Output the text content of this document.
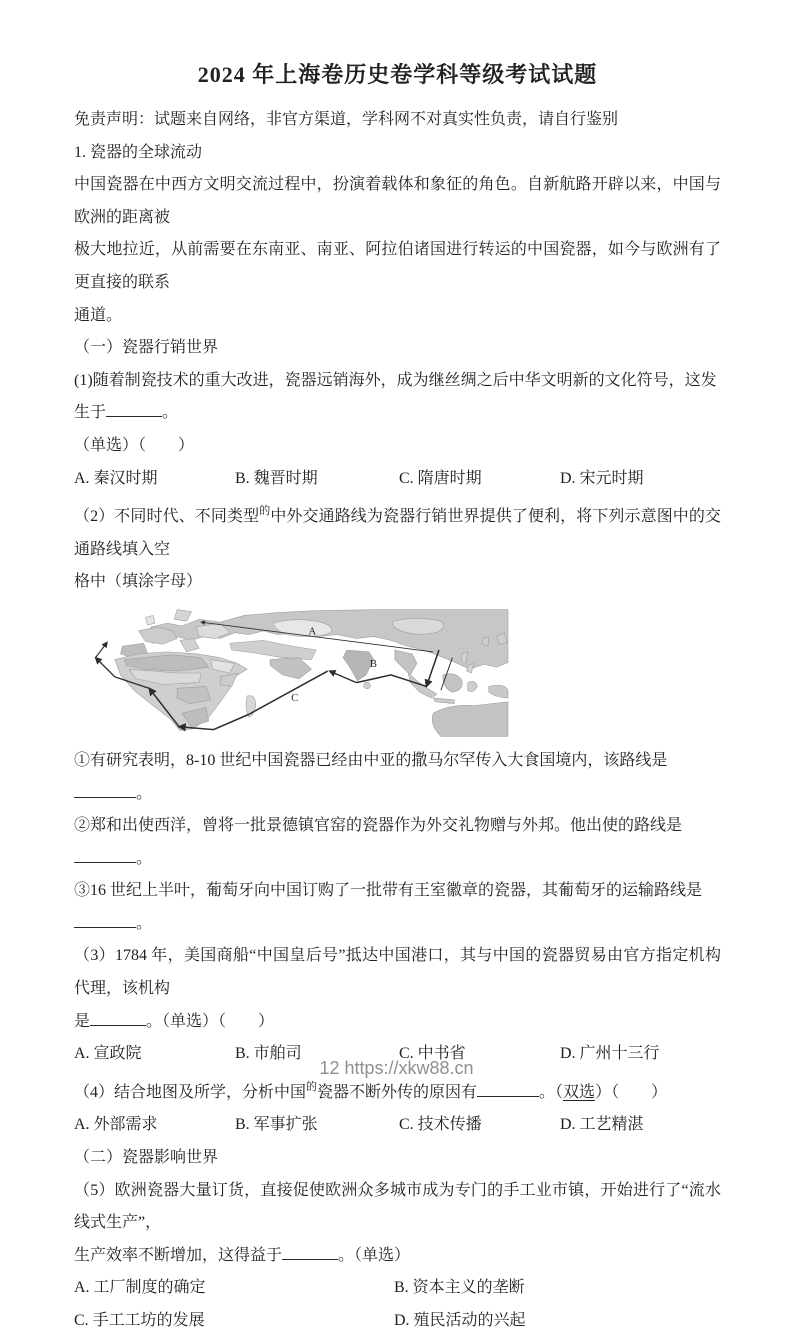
2024 年上海卷历史卷学科等级考试试题

免责声明：试题来自网络，非官方渠道，学科网不对真实性负责，请自行鉴别

1. 瓷器的全球流动

中国瓷器在中西方文明交流过程中，扮演着载体和象征的角色。自新航路开辟以来，中国与欧洲的距离被

极大地拉近，从前需要在东南亚、南亚、阿拉伯诸国进行转运的中国瓷器，如今与欧洲有了更直接的联系

通道。

（一）瓷器行销世界

(1)随着制瓷技术的重大改进，瓷器远销海外，成为继丝绸之后中华文明新的文化符号，这发生于	。

（单选）（　　）

A. 秦汉时期	B. 魏晋时期	C. 隋唐时期	D. 宋元时期

（2）不同时代、不同类型$^的$中外交通路线为瓷器行销世界提供了便利，将下列示意图中的交通路线填入空

格中（填涂字母）

A
B
C

①有研究表明，8-10 世纪中国瓷器已经由中亚的撒马尔罕传入大食国境内，该路线是。

②郑和出使西洋，曾将一批景德镇官窑的瓷器作为外交礼物赠与外邦。他出使的路线是。

③16 世纪上半叶，葡萄牙向中国订购了一批带有王室徽章的瓷器，其葡萄牙的运输路线是。

（3）1784 年，美国商船“中国皇后号”抵达中国港口，其与中国的瓷器贸易由官方指定机构代理，该机构

是	。（单选）（　　）

A. 宣政院	B. 市舶司	C. 中书省	D. 广州十三行

（4）结合地图及所学，分析中国$^的$瓷器不断外传的原因有	。（双选）（　　）

A. 外部需求	B. 军事扩张	C. 技术传播	D. 工艺精湛

（二）瓷器影响世界

（5）欧洲瓷器大量订货，直接促使欧洲众多城市成为专门的手工业市镇，开始进行了“流水线式生产”，

生产效率不断增加，这得益于	。（单选）

A. 工厂制度的确定	B. 资本主义的垄断
C. 手工工坊的发展	D. 殖民活动的兴起
12 https://xkw88.cn
